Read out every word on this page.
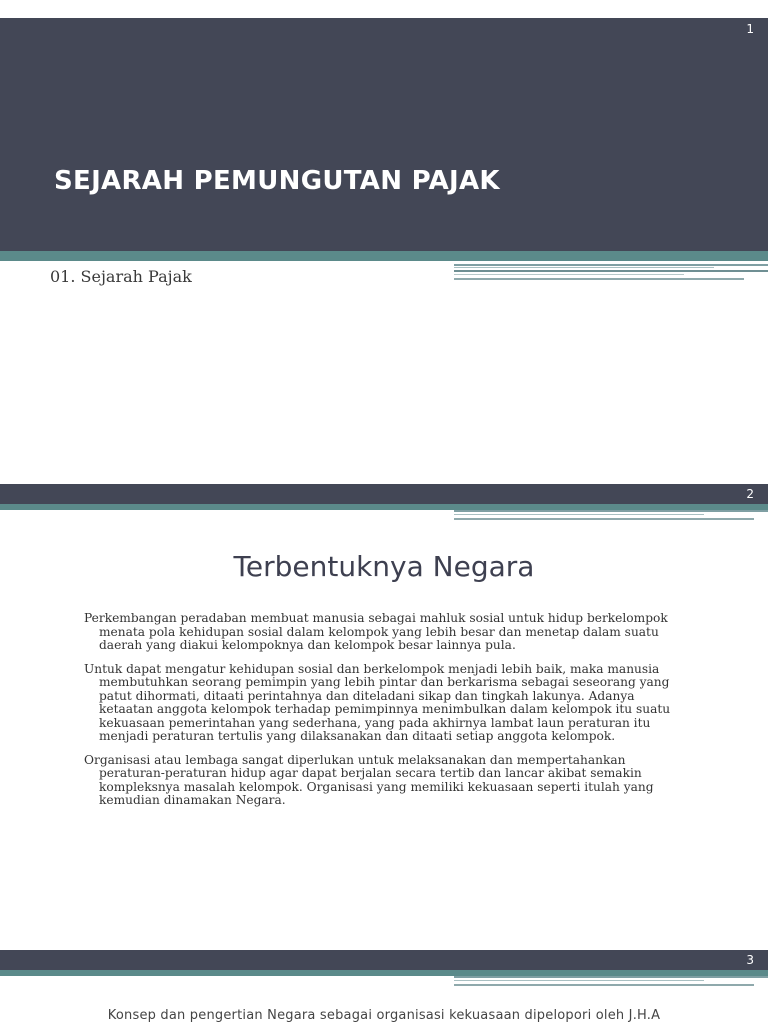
1
SEJARAH PEMUNGUTAN PAJAK
01. Sejarah Pajak
2
Terbentuknya Negara

Perkembangan peradaban membuat manusia sebagai mahluk sosial untuk hidup berkelompok menata pola kehidupan sosial dalam kelompok yang lebih besar dan menetap dalam suatu daerah yang diakui kelompoknya dan kelompok besar lainnya pula.

Untuk dapat mengatur kehidupan sosial dan berkelompok menjadi lebih baik, maka manusia membutuhkan seorang pemimpin yang lebih pintar dan berkarisma sebagai seseorang yang patut dihormati, ditaati perintahnya dan diteladani sikap dan tingkah lakunya. Adanya ketaatan anggota kelompok terhadap pemimpinnya menimbulkan dalam kelompok itu suatu kekuasaan pemerintahan yang sederhana, yang pada akhirnya lambat laun peraturan itu menjadi peraturan tertulis yang dilaksanakan dan ditaati setiap anggota kelompok.

Organisasi atau lembaga sangat diperlukan untuk melaksanakan dan mempertahankan peraturan-peraturan hidup agar dapat berjalan secara tertib dan lancar akibat semakin kompleksnya masalah kelompok. Organisasi yang memiliki kekuasaan seperti itulah yang kemudian dinamakan Negara.

3
Konsep dan pengertian Negara sebagai organisasi kekuasaan dipelopori oleh J.H.A
